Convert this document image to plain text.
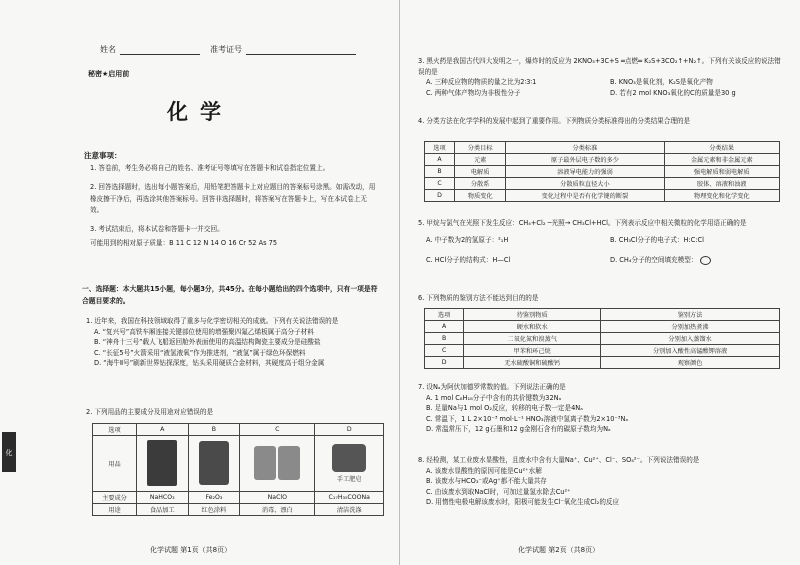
姓名	准考证号
秘密★启用前
化学
注意事项：
1. 答卷前，考生务必将自己的姓名、准考证号等填写在答题卡和试卷指定位置上。
2. 回答选择题时，选出每小题答案后，用铅笔把答题卡上对应题目的答案标号涂黑。如需改动，用橡皮擦干净后，再选涂其他答案标号。回答非选择题时，将答案写在答题卡上，写在本试卷上无效。
3. 考试结束后，将本试卷和答题卡一并交回。
可能用到的相对原子质量：B 11 C 12 N 14 O 16 Cr 52 As 75
一、选择题：本大题共15小题，每小题3分，共45分。在每小题给出的四个选项中，只有一项是符合题目要求的。
1. 近年来，我国在科技领域取得了重多与化学密切相关的成就。下列有关说法错误的是
A. “复兴号”高铁车厢连接关键部位使用的增强聚四氟乙烯板属于高分子材料
B. “神舟十三号”载人飞船返回舱外表面使用的高温结构陶瓷主要成分是硅酸盐
C. “长征5号”火箭采用“液氢液氧”作为推进剂，“液氢”属于绿色环保燃料
D. “海牛Ⅱ号”刷新世界钻探深度，钻头采用硬质合金材料，其硬度高于组分金属
2. 下列用品的主要成分及用途对应错误的是
选项	A	B	C	D
用品				手工肥皂

主要成分	NaHCO₃	Fe₂O₃	NaClO	C₁₇H₃₅COONa
用途	食品加工	红色涂料	消毒、漂白	清洁洗涤
化学试题 第1页（共8页）
化
3. 黑火药是我国古代四大发明之一，爆炸时的反应为 2KNO₃+3C+S ═点燃═ K₂S+3CO₂↑+N₂↑。下列有关该反应的说法错误的是
A. 三种反应物的物质的量之比为2∶3∶1	B. KNO₃是氧化剂，K₂S是氧化产物
C. 两种气体产物均为非极性分子	D. 若有2 mol KNO₃氧化的C的质量是30 g
4. 分类方法在化学学科的发展中起到了重要作用。下列物质分类标准得出的分类结果合理的是
选项	分类目标	分类标准	分类结果
A	元素	原子最外层电子数的多少	金属元素和非金属元素
B	电解质	溶液导电能力的强弱	强电解质和弱电解质
C	分散系	分散质粒直径大小	胶体、溶液和浊液
D	物质变化	变化过程中是否有化学键的断裂	物理变化和化学变化
5. 甲烷与氯气在光照下发生反应：CH₄+Cl₂ ─光照→ CH₃Cl+HCl。下列表示反应中相关微粒的化学用语正确的是
A. 中子数为2的氢原子：²₁H	B. CH₃Cl分子的电子式：H:C:Cl
C. HCl分子的结构式：H—Cl	D. CH₄分子的空间填充模型：
6. 下列物质的鉴别方法不能达到目的的是
选项	待鉴别物质	鉴别方法
A	硬水和软水	分别加热煮沸
B	二氧化氮和溴蒸气	分别加入蒸馏水
C	甲苯和环己烷	分别加入酸性高锰酸钾溶液
D	无水硫酸铜和硫酸钙	观察颜色
7. 设Nₐ为阿伏加德罗常数的值。下列说法正确的是
A. 1 mol C₈H₁₈分子中含有的共价键数为32Nₐ
B. 足量Na与1 mol O₂反应，转移的电子数一定是4Nₐ
C. 常温下，1 L 2×10⁻³ mol·L⁻¹ HNO₃溶液中氢离子数为2×10⁻³Nₐ
D. 常温常压下，12 g石墨和12 g金刚石含有的碳原子数均为Nₐ
8. 经检测，某工业废水显酸性，且废水中含有大量Na⁺、Cu²⁺、Cl⁻、SO₄²⁻。下列说法错误的是
A. 该废水显酸性的原因可能是Cu²⁺水解
B. 该废水与HCO₃⁻或Ag⁺都不能大量共存
C. 由该废水到取NaCl时，可加过量氢水除去Cu²⁺
D. 用惰性电极电解该废水时，阳极可能发生Cl⁻氧化生成Cl₂的反应
化学试题 第2页（共8页）
